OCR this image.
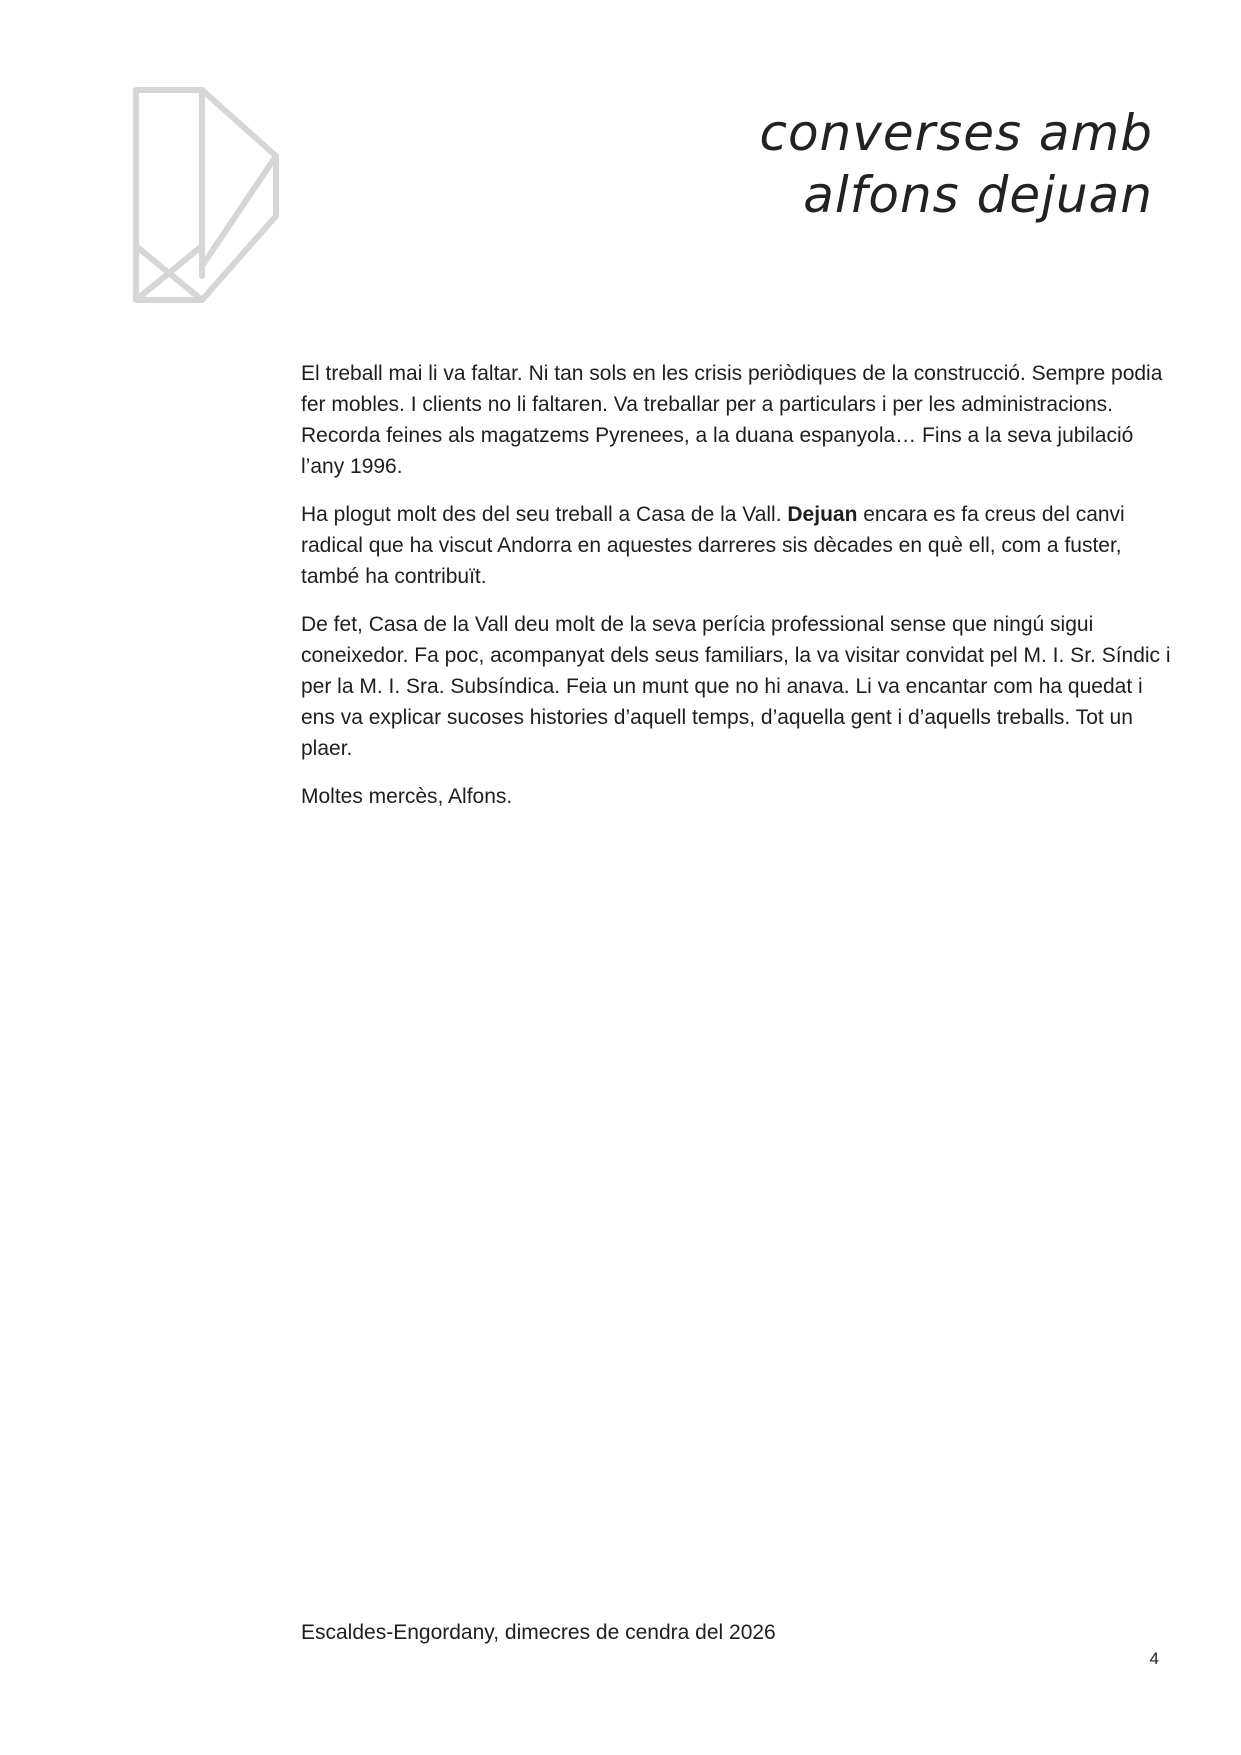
converses amb
alfons dejuan

El treball mai li va faltar. Ni tan sols en les crisis periòdiques de la construcció. Sempre podia fer mobles. I clients no li faltaren. Va treballar per a particulars i per les administracions. Recorda feines als magatzems Pyrenees, a la duana espanyola… Fins a la seva jubilació l’any 1996.

Ha plogut molt des del seu treball a Casa de la Vall. Dejuan encara es fa creus del canvi radical que ha viscut Andorra en aquestes darreres sis dècades en què ell, com a fuster, també ha contribuït.

De fet, Casa de la Vall deu molt de la seva perícia professional sense que ningú sigui coneixedor. Fa poc, acompanyat dels seus familiars, la va visitar convidat pel M. I. Sr. Síndic i per la M. I. Sra. Subsíndica. Feia un munt que no hi anava. Li va encantar com ha quedat i ens va explicar sucoses histories d’aquell temps, d’aquella gent i d’aquells treballs. Tot un plaer.

Moltes mercès, Alfons.

Escaldes-Engordany, dimecres de cendra del 2026
4
